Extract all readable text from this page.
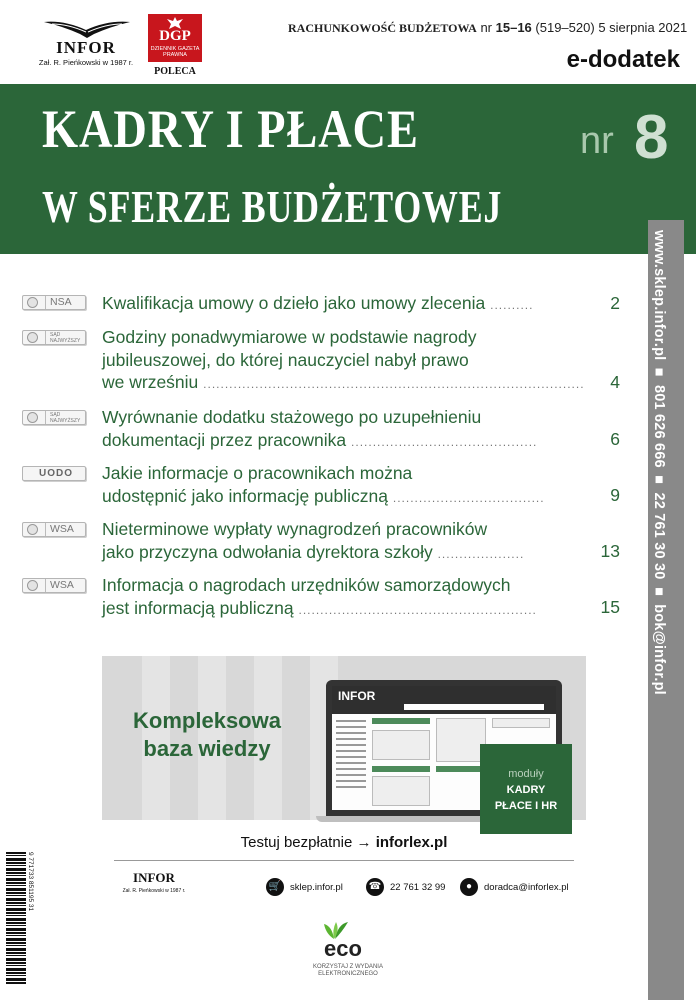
INFOR
Zał. R. Pieńkowski w 1987 r.
DGP
DZIENNIK GAZETA PRAWNA
POLECA
RACHUNKOWOŚĆ BUDŻETOWA nr 15–16 (519–520) 5 sierpnia 2021
e-dodatek
KADRY I PŁACE
W SFERZE BUDŻETOWEJ
nr 8
www.sklep.infor.pl ■ 801 626 666 ■ 22 761 30 30 ■ bok@infor.pl
NSA Kwalifikacja umowy o dzieło jako umowy zlecenia ..........	2
SĄD NAJWYŻSZY Godziny ponadwymiarowe w podstawie nagrody
jubileuszowej, do której nauczyciel nabył prawo
we wrześniu ........................................................................................	4
SĄD NAJWYŻSZY Wyrównanie dodatku stażowego po uzupełnieniu
dokumentacji przez pracownika ...........................................	6
UODO Jakie informacje o pracownikach można
udostępnić jako informację publiczną ...................................	9
WSA Nieterminowe wypłaty wynagrodzeń pracowników
jako przyczyna odwołania dyrektora szkoły ....................	13
WSA Informacja o nagrodach urzędników samorządowych
jest informacją publiczną .......................................................	15
Kompleksowa
baza wiedzy
INFOR
moduły
KADRY
PŁACE I HR
Testuj bezpłatnie → inforlex.pl
INFOR
Zał. R. Pieńkowski w 1987 r.	🛒 sklep.infor.pl	☎ 22 761 32 99	●	doradca@inforlex.pl
eco
KORZYSTAJ Z WYDANIA ELEKTRONICZNEGO
9 771733 851195 31
